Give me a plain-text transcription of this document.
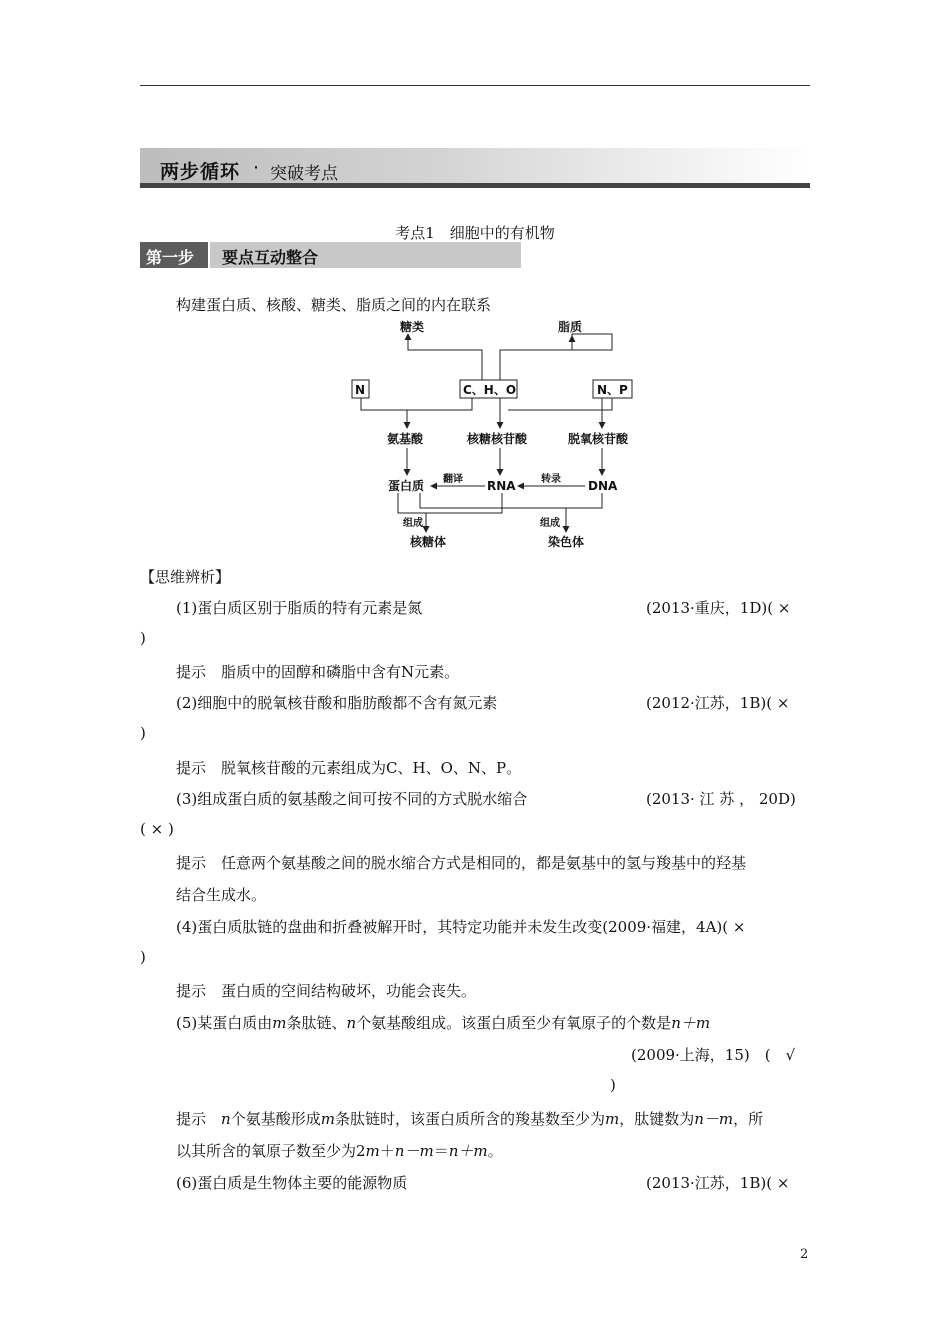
两步循环 · 突破考点
考点1　细胞中的有机物
第一步 要点互动整合
构建蛋白质、核酸、糖类、脂质之间的内在联系
糖类	脂质
N	C、H、O	N、P
氨基酸	核糖核苷酸	脱氧核苷酸
蛋白质	RNA	DNA
翻译	转录
组成	组成
核糖体	染色体
【思维辨析】
(1)蛋白质区别于脂质的特有元素是氮	(2013·重庆，1D)( ×
)
提示　 脂质中的固醇和磷脂中含有N元素。
(2)细胞中的脱氧核苷酸和脂肪酸都不含有氮元素	(2012·江苏，1B)( ×
)
提示　 脱氧核苷酸的元素组成为C、H、O、N、P。
(3)组成蛋白质的氨基酸之间可按不同的方式脱水缩合	(2013· 江 苏 ， 20D)
( × )
提示　 任意两个氨基酸之间的脱水缩合方式是相同的，都是氨基中的氢与羧基中的羟基
结合生成水。
(4)蛋白质肽链的盘曲和折叠被解开时，其特定功能并未发生改变(2009·福建，4A)( ×
)
提示　 蛋白质的空间结构破坏，功能会丧失。
(5)某蛋白质由m条肽链、n个氨基酸组成。该蛋白质至少有氧原子的个数是n＋m
(2009·上海，15)　(　√
)
提示　 n个氨基酸形成m条肽链时，该蛋白质所含的羧基数至少为m，肽键数为n－m，所
以其所含的氧原子数至少为2m＋n－m＝n＋m。
(6)蛋白质是生物体主要的能源物质	(2013·江苏，1B)( ×
2
